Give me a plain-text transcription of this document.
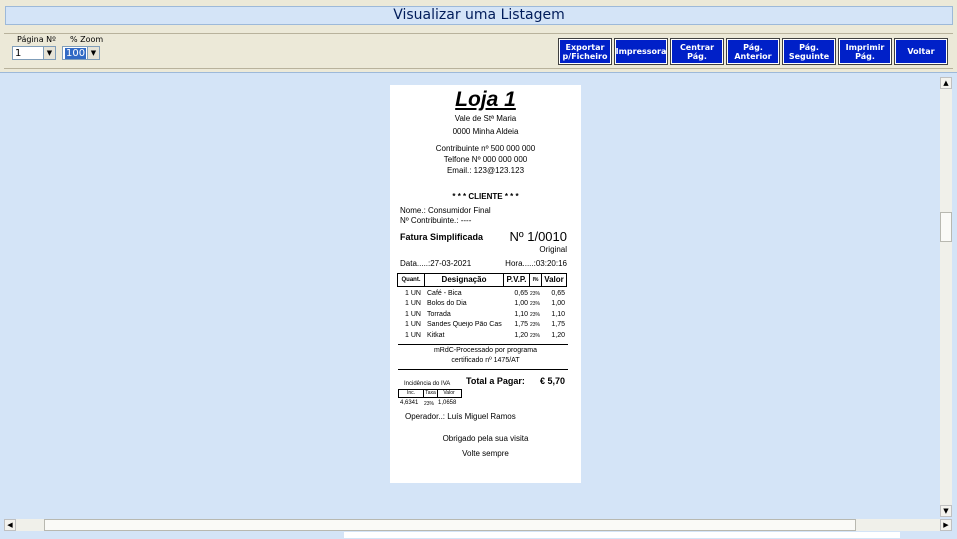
Visualizar uma Listagem
Página Nº
1	▼
% Zoom
100 ▼
Exportar
p/Ficheiro	Impressora	Centrar
Pág.
Pág.
Anterior
Pág.
Seguinte
Imprimir
Pág.	Voltar
Loja 1
Vale de Stª Maria
0000 Minha Aldeia
Contribuinte nº 500 000 000
Telfone Nº 000 000 000
Email.: 123@123.123
* * * CLIENTE * * *
Nome.: Consumidor Final
Nº Contribuinte.: ----
Fatura Simplificada Nº 1/0010
Original
Data.....:27-03-2021	Hora.....:03:20:16
Quant.	Designação	P.V.P.	I% Valor
1 UN Café - Bica	0,65 23% 0,65
1 UN Bolos do Dia	1,00 23% 1,00
1 UN Torrada	1,10 23% 1,10
1 UN Sandes Queijo Pão Cas	1,75 23% 1,75
1 UN Kitkat	1,20 23% 1,20
mRdC-Processado por programa
certificado nº 1475/AT
Incidência do IVA
Inc.	Taxa	Valor
4,6341 23% 1,0658
Total a Pagar: € 5,70
Operador..: Luís Miguel Ramos
Obrigado pela sua visita
Volte sempre
▲
▼
◀	▶
